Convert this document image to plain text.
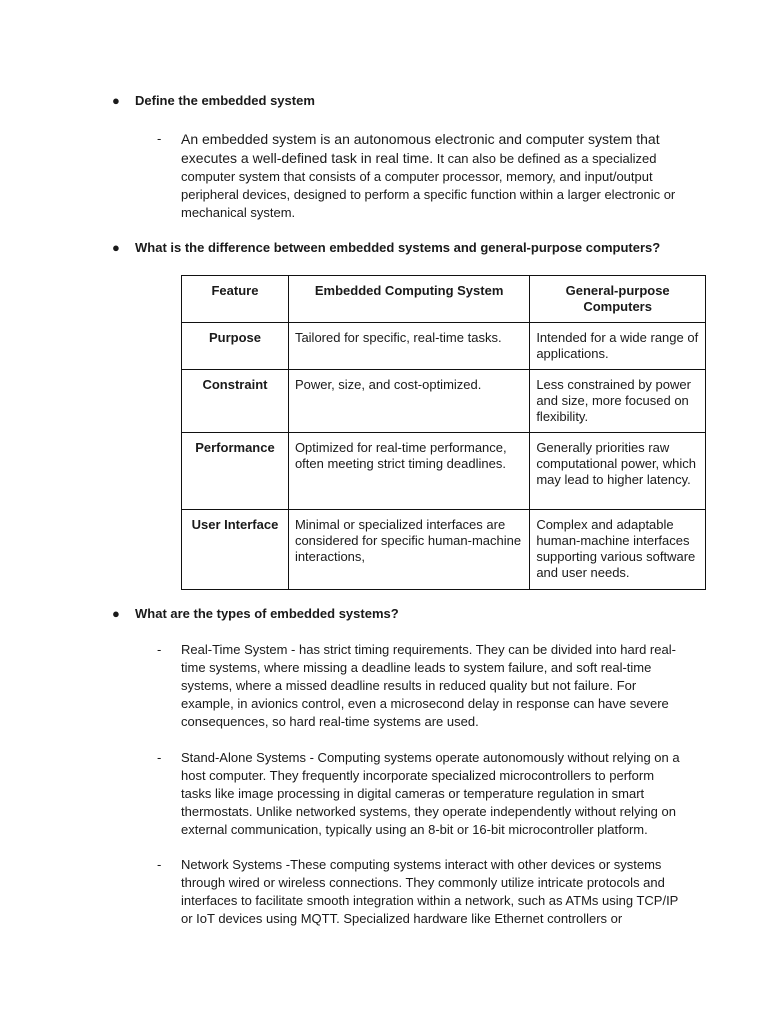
● Define the embedded system
- An embedded system is an autonomous electronic and computer system that executes a well-defined task in real time. It can also be defined as a specialized computer system that consists of a computer processor, memory, and input/output peripheral devices, designed to perform a specific function within a larger electronic or mechanical system.
● What is the difference between embedded systems and general-purpose computers?
Feature	Embedded Computing System	General-purpose Computers
Purpose	Tailored for specific, real-time tasks.	Intended for a wide range of applications.
Constraint	Power, size, and cost-optimized.	Less constrained by power and size, more focused on flexibility.
Performance	Optimized for real-time performance, often meeting strict timing deadlines.	Generally priorities raw computational power, which may lead to higher latency.
User Interface	Minimal or specialized interfaces are considered for specific human-machine interactions,	Complex and adaptable human-machine interfaces supporting various software and user needs.
● What are the types of embedded systems?
- Real-Time System - has strict timing requirements. They can be divided into hard real-time systems, where missing a deadline leads to system failure, and soft real-time systems, where a missed deadline results in reduced quality but not failure. For example, in avionics control, even a microsecond delay in response can have severe consequences, so hard real-time systems are used.
- Stand-Alone Systems - Computing systems operate autonomously without relying on a host computer. They frequently incorporate specialized microcontrollers to perform tasks like image processing in digital cameras or temperature regulation in smart thermostats. Unlike networked systems, they operate independently without relying on external communication, typically using an 8-bit or 16-bit microcontroller platform.
- Network Systems -These computing systems interact with other devices or systems through wired or wireless connections. They commonly utilize intricate protocols and interfaces to facilitate smooth integration within a network, such as ATMs using TCP/IP or IoT devices using MQTT. Specialized hardware like Ethernet controllers or
